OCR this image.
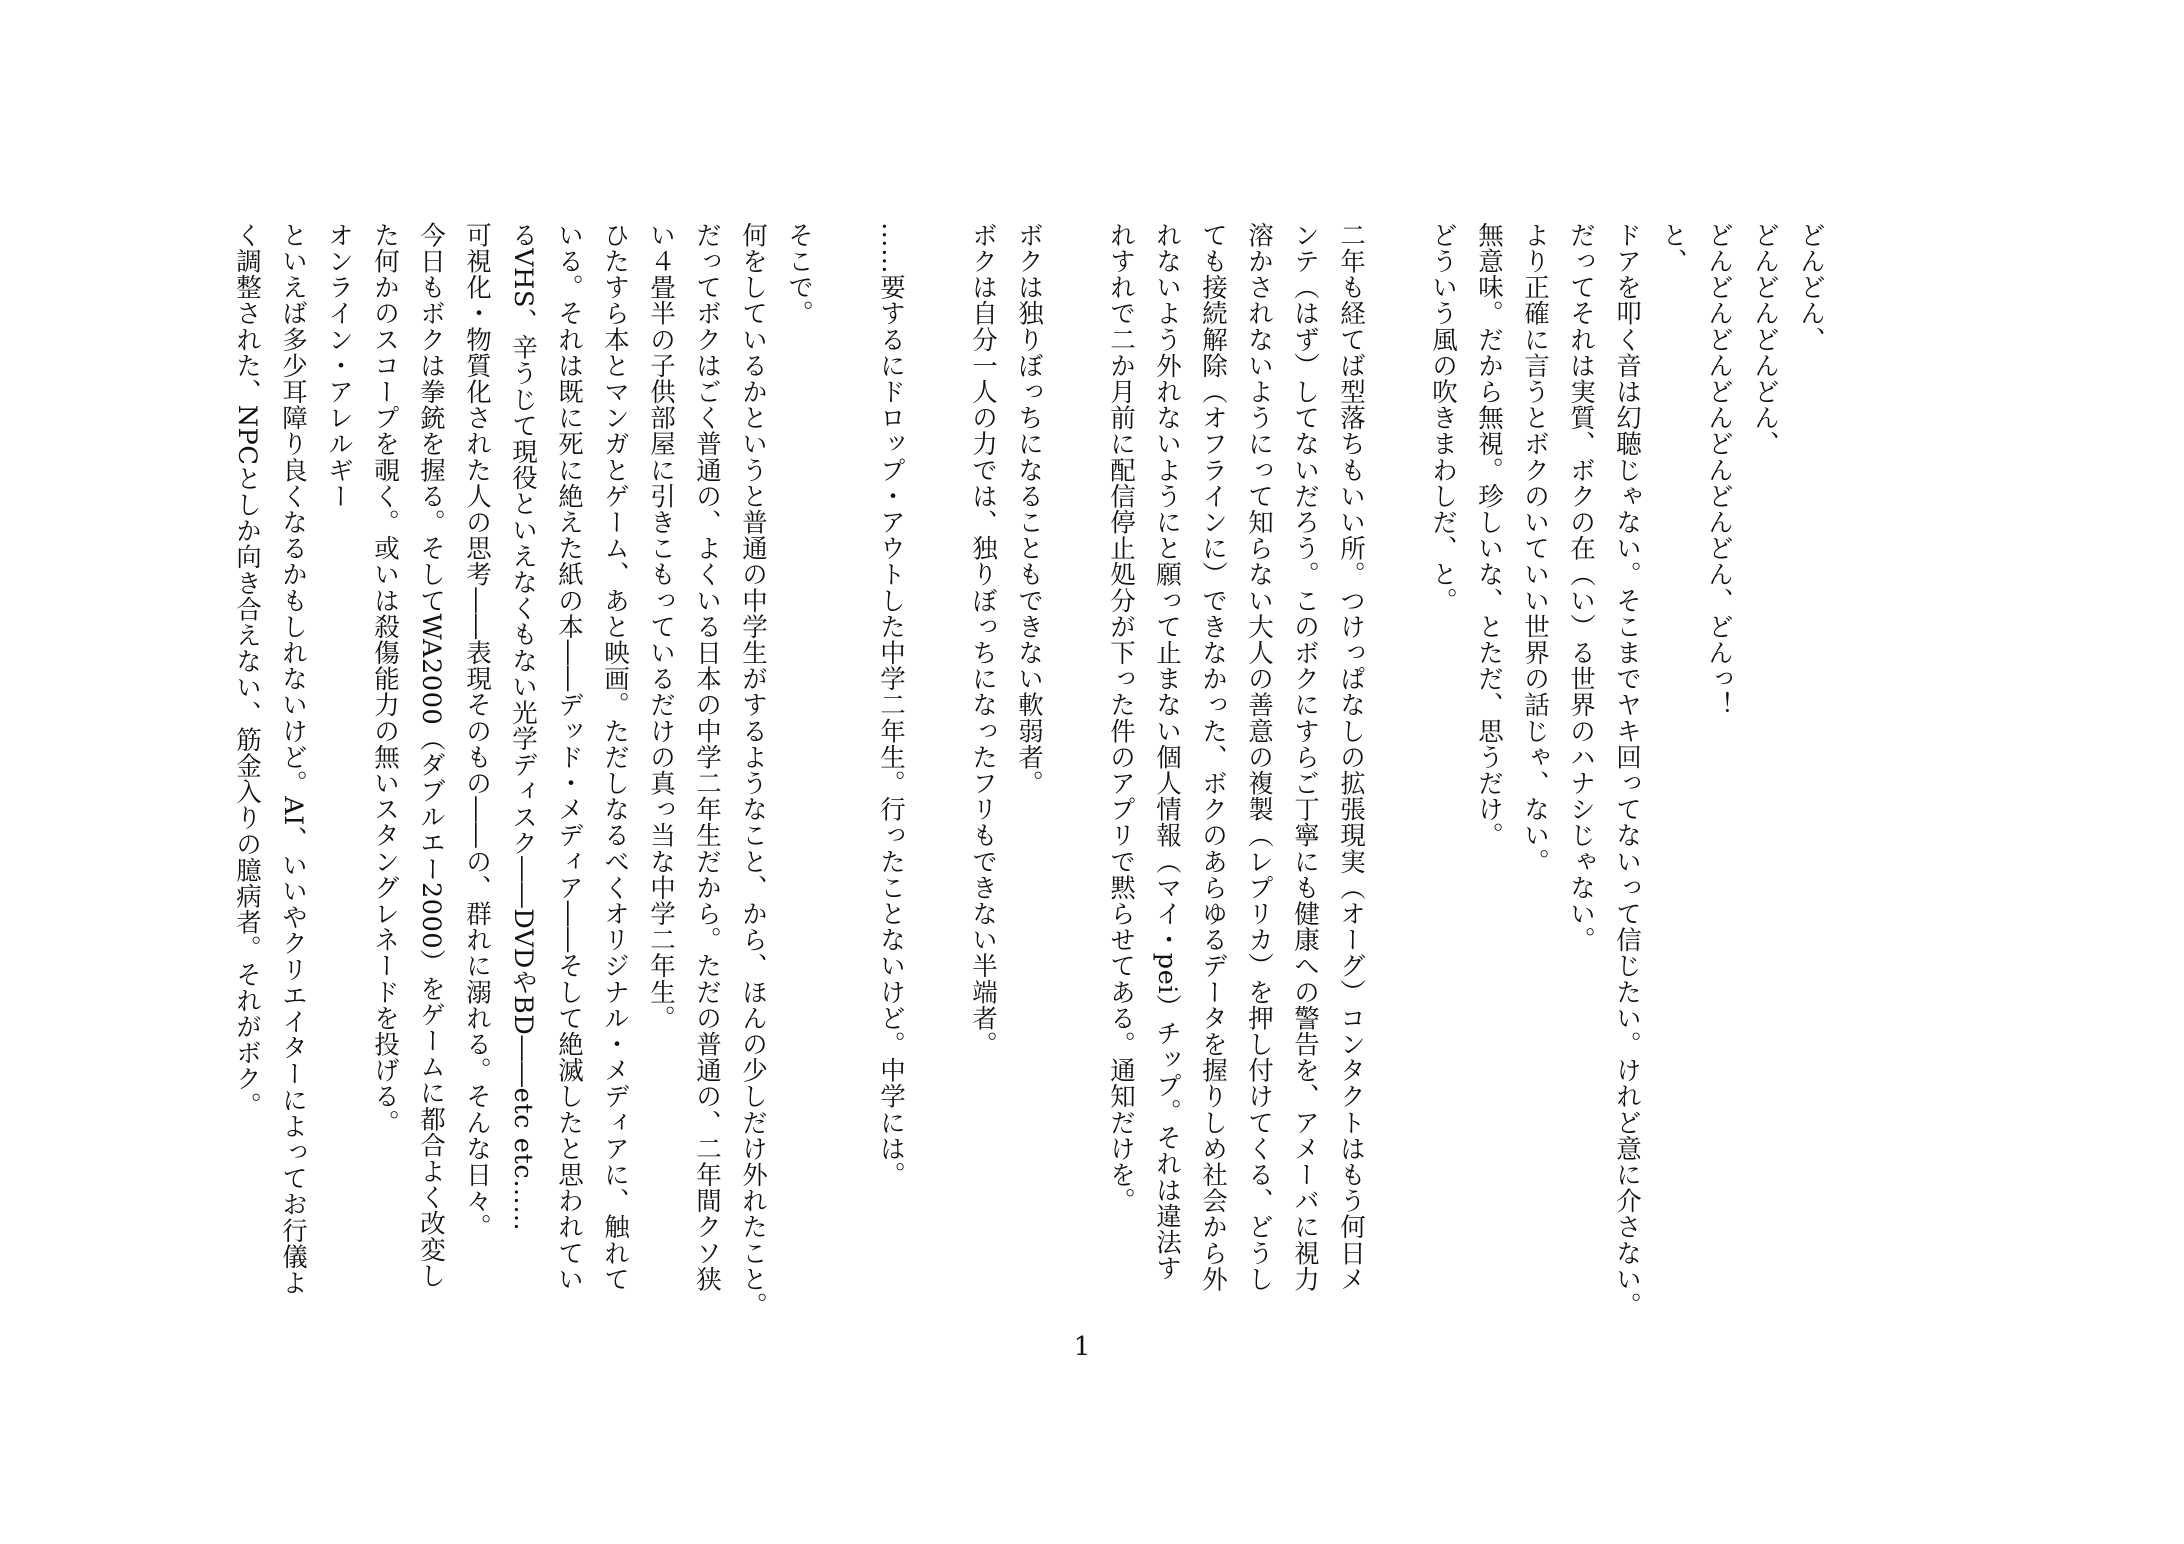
どんどん、
どんどんどんどん、
どんどんどんどんどんどんどん、どんっ！
と、
ドアを叩く音は幻聴じゃない。そこまでヤキ回ってないって信じたい。けれど意に介さない。
だってそれは実質、ボクの在（い）る世界のハナシじゃない。
より正確に言うとボクのいていい世界の話じゃ、ない。
無意味。だから無視。珍しいな、とただ、思うだけ。
どういう風の吹きまわしだ、と。
二年も経てば型落ちもいい所。つけっぱなしの拡張現実（オーグ）コンタクトはもう何日メ
ンテ（はず）してないだろう。このボクにすらご丁寧にも健康への警告を、アメーバに視力
溶かされないようにって知らない大人の善意の複製（レプリカ）を押し付けてくる、どうし
ても接続解除（オフラインに）できなかった、ボクのあらゆるデータを握りしめ社会から外
れないよう外れないようにと願って止まない個人情報（マイ・pei）チップ。それは違法す
れすれで二か月前に配信停止処分が下った件のアプリで黙らせてある。通知だけを。
ボクは独りぼっちになることもできない軟弱者。
ボクは自分一人の力では、独りぼっちになったフリもできない半端者。
……要するにドロップ・アウトした中学二年生。行ったことないけど。中学には。
そこで。
何をしているかというと普通の中学生がするようなこと、から、ほんの少しだけ外れたこと。
だってボクはごく普通の、よくいる日本の中学二年生だから。ただの普通の、二年間クソ狭
い４畳半の子供部屋に引きこもっているだけの真っ当な中学二年生。
ひたすら本とマンガとゲーム、あと映画。ただしなるべくオリジナル・メディアに、触れて
いる。それは既に死に絶えた紙の本――デッド・メディア――そして絶滅したと思われてい
るVHS、辛うじて現役といえなくもない光学ディスク――DVDやBD――etc etc……
可視化・物質化された人の思考――表現そのもの――の、群れに溺れる。そんな日々。
今日もボクは拳銃を握る。そしてWA2000（ダブルエー2000）をゲームに都合よく改変し
た何かのスコープを覗く。或いは殺傷能力の無いスタングレネードを投げる。
オンライン・アレルギー
といえば多少耳障り良くなるかもしれないけど。AI、いいやクリエイターによってお行儀よ
く調整された、NPCとしか向き合えない、筋金入りの臆病者。それがボク。
1
